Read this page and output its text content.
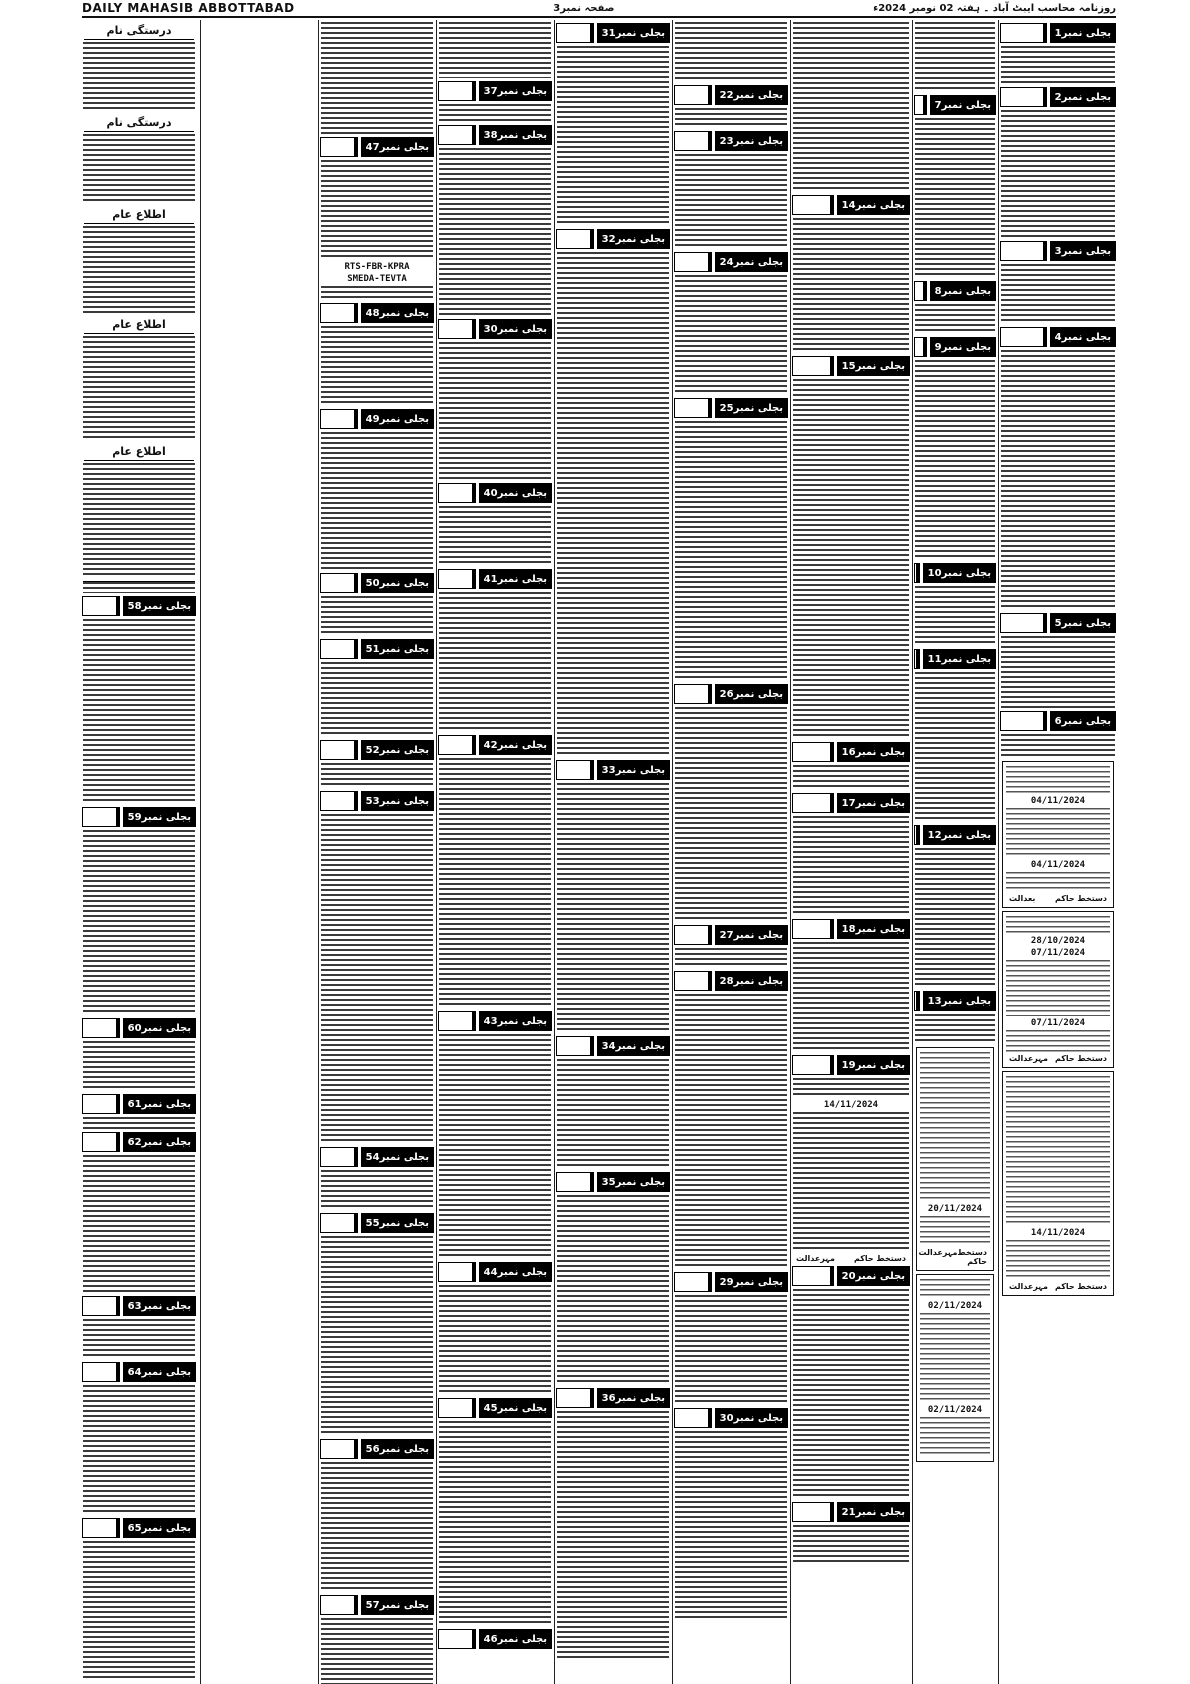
DAILY MAHASIB ABBOTTABAD	صفحہ نمبر3	روزنامہ محاسب ایبٹ آباد ۔ ہفتہ 02 نومبر 2024ء
بجلی نمبر1
بجلی نمبر2
بجلی نمبر3
بجلی نمبر4
بجلی نمبر5
بجلی نمبر6
04/11/2024
04/11/2024
دستخط حاکم
بعدالت
28/10/2024
07/11/2024
07/11/2024
دستخط حاکم
مہرعدالت
14/11/2024
دستخط حاکم
مہرعدالت
بجلی نمبر7
بجلی نمبر8
بجلی نمبر9
بجلی نمبر10
بجلی نمبر11
بجلی نمبر12
بجلی نمبر13
20/11/2024
دستخط حاکم
مہرعدالت
02/11/2024
02/11/2024
بجلی نمبر14
بجلی نمبر15
بجلی نمبر16
بجلی نمبر17
بجلی نمبر18
بجلی نمبر19
14/11/2024
دستخط حاکم
مہرعدالت
بجلی نمبر20
بجلی نمبر21
بجلی نمبر22
بجلی نمبر23
بجلی نمبر24
بجلی نمبر25
بجلی نمبر26
بجلی نمبر27
بجلی نمبر28
بجلی نمبر29
بجلی نمبر30
بجلی نمبر31
بجلی نمبر32
بجلی نمبر33
بجلی نمبر34
بجلی نمبر35
بجلی نمبر36
بجلی نمبر37
بجلی نمبر38
بجلی نمبر30
بجلی نمبر40
بجلی نمبر41
بجلی نمبر42
بجلی نمبر43
بجلی نمبر44
بجلی نمبر45
بجلی نمبر46
بجلی نمبر47
RTS-FBR-KPRA
SMEDA-TEVTA
بجلی نمبر48
بجلی نمبر49
بجلی نمبر50
بجلی نمبر51
بجلی نمبر52
بجلی نمبر53
بجلی نمبر54
بجلی نمبر55
بجلی نمبر56
بجلی نمبر57
درستگی نام
درستگی نام
اطلاع عام
اطلاع عام
اطلاع عام
بجلی نمبر58
بجلی نمبر59
بجلی نمبر60
بجلی نمبر61
بجلی نمبر62
بجلی نمبر63
بجلی نمبر64
بجلی نمبر65
